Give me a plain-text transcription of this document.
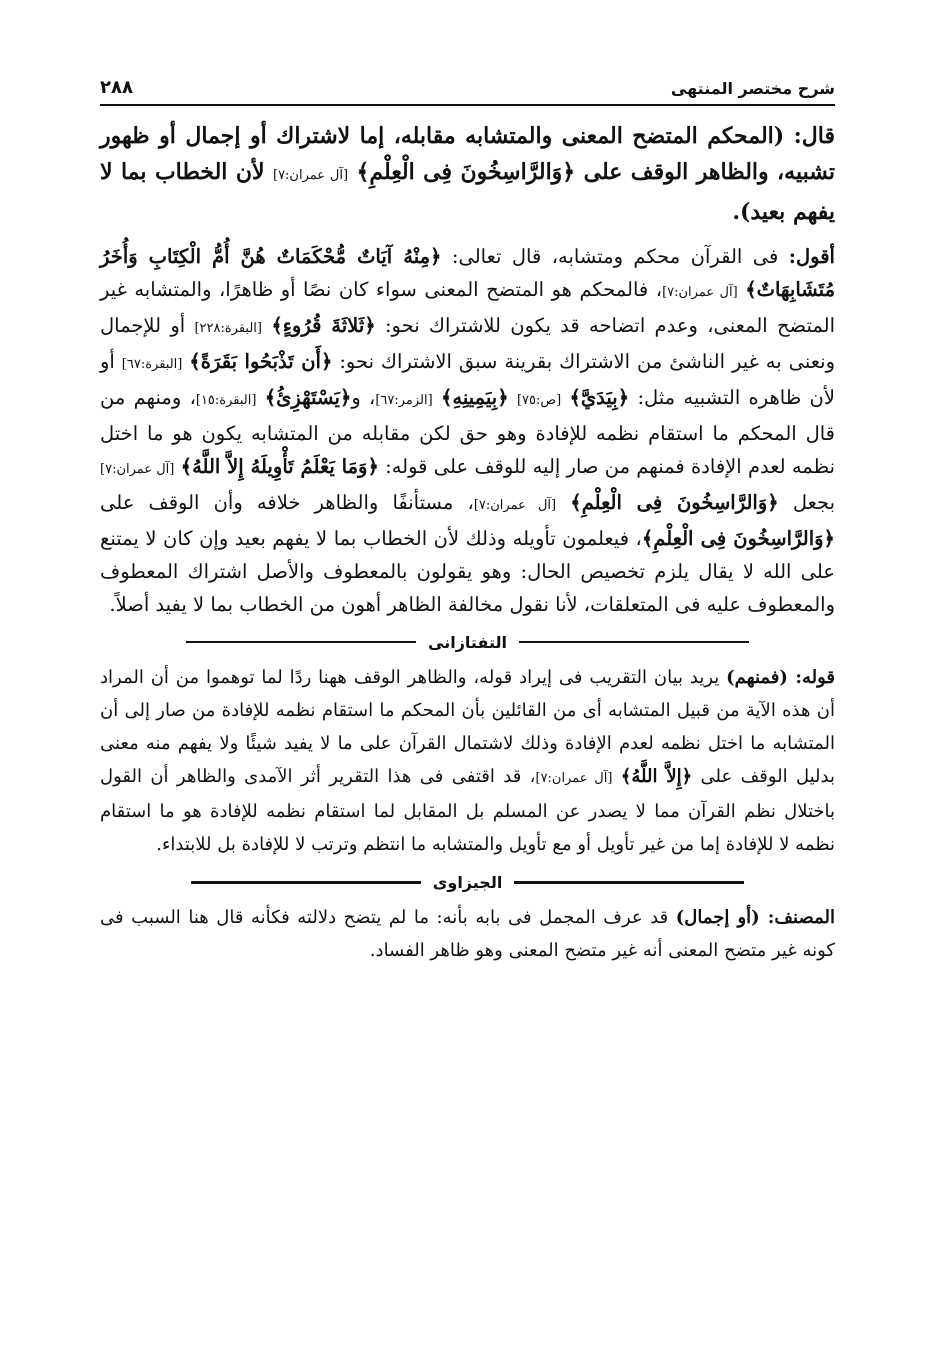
شرح مختصر المنتهى
٢٨٨

قال: (المحكم المتضح المعنى والمتشابه مقابله، إما لاشتراك أو إجمال أو ظهور تشبيه، والظاهر الوقف على ﴿وَالرَّاسِخُونَ فِى الْعِلْمِ﴾ [آل عمران:٧] لأن الخطاب بما لا يفهم بعيد).

أقول: فى القرآن محكم ومتشابه، قال تعالى: ﴿مِنْهُ آيَاتٌ مُّحْكَمَاتٌ هُنَّ أُمُّ الْكِتَابِ وَأُخَرُ مُتَشَابِهَاتٌ﴾ [آل عمران:٧]، فالمحكم هو المتضح المعنى سواء كان نصًا أو ظاهرًا، والمتشابه غير المتضح المعنى، وعدم اتضاحه قد يكون للاشتراك نحو: ﴿ثَلاثَةَ قُرُوءٍ﴾ [البقرة:٢٢٨] أو للإجمال ونعنى به غير الناشئ من الاشتراك بقرينة سبق الاشتراك نحو: ﴿أَن تَذْبَحُوا بَقَرَةً﴾ [البقرة:٦٧] أو لأن ظاهره التشبيه مثل: ﴿بِيَدَيَّ﴾ [ص:٧٥] ﴿بِيَمِينِهِ﴾ [الزمر:٦٧]، و﴿يَسْتَهْزِئُ﴾ [البقرة:١٥]، ومنهم من قال المحكم ما استقام نظمه للإفادة وهو حق لكن مقابله من المتشابه يكون هو ما اختل نظمه لعدم الإفادة فمنهم من صار إليه للوقف على قوله: ﴿وَمَا يَعْلَمُ تَأْوِيلَهُ إِلاَّ اللَّهُ﴾ [آل عمران:٧] بجعل ﴿وَالرَّاسِخُونَ فِى الْعِلْمِ﴾ [آل عمران:٧]، مستأنفًا والظاهر خلافه وأن الوقف على ﴿وَالرَّاسِخُونَ فِى الْعِلْمِ﴾، فيعلمون تأويله وذلك لأن الخطاب بما لا يفهم بعيد وإن كان لا يمتنع على الله لا يقال يلزم تخصيص الحال: وهو يقولون بالمعطوف والأصل اشتراك المعطوف والمعطوف عليه فى المتعلقات، لأنا نقول مخالفة الظاهر أهون من الخطاب بما لا يفيد أصلاً.

التفتازانى

قوله: (فمنهم) يريد بيان التقريب فى إيراد قوله، والظاهر الوقف ههنا ردًا لما توهموا من أن المراد أن هذه الآية من قبيل المتشابه أى من القائلين بأن المحكم ما استقام نظمه للإفادة من صار إلى أن المتشابه ما اختل نظمه لعدم الإفادة وذلك لاشتمال القرآن على ما لا يفيد شيئًا ولا يفهم منه معنى بدليل الوقف على ﴿إِلاَّ اللَّهُ﴾ [آل عمران:٧]، قد اقتفى فى هذا التقرير أثر الآمدى والظاهر أن القول باختلال نظم القرآن مما لا يصدر عن المسلم بل المقابل لما استقام نظمه للإفادة هو ما استقام نظمه لا للإفادة إما من غير تأويل أو مع تأويل والمتشابه ما انتظم وترتب لا للإفادة بل للابتداء.

الجيزاوى

المصنف: (أو إجمال) قد عرف المجمل فى بابه بأنه: ما لم يتضح دلالته فكأنه قال هنا السبب فى كونه غير متضح المعنى أنه غير متضح المعنى وهو ظاهر الفساد.
